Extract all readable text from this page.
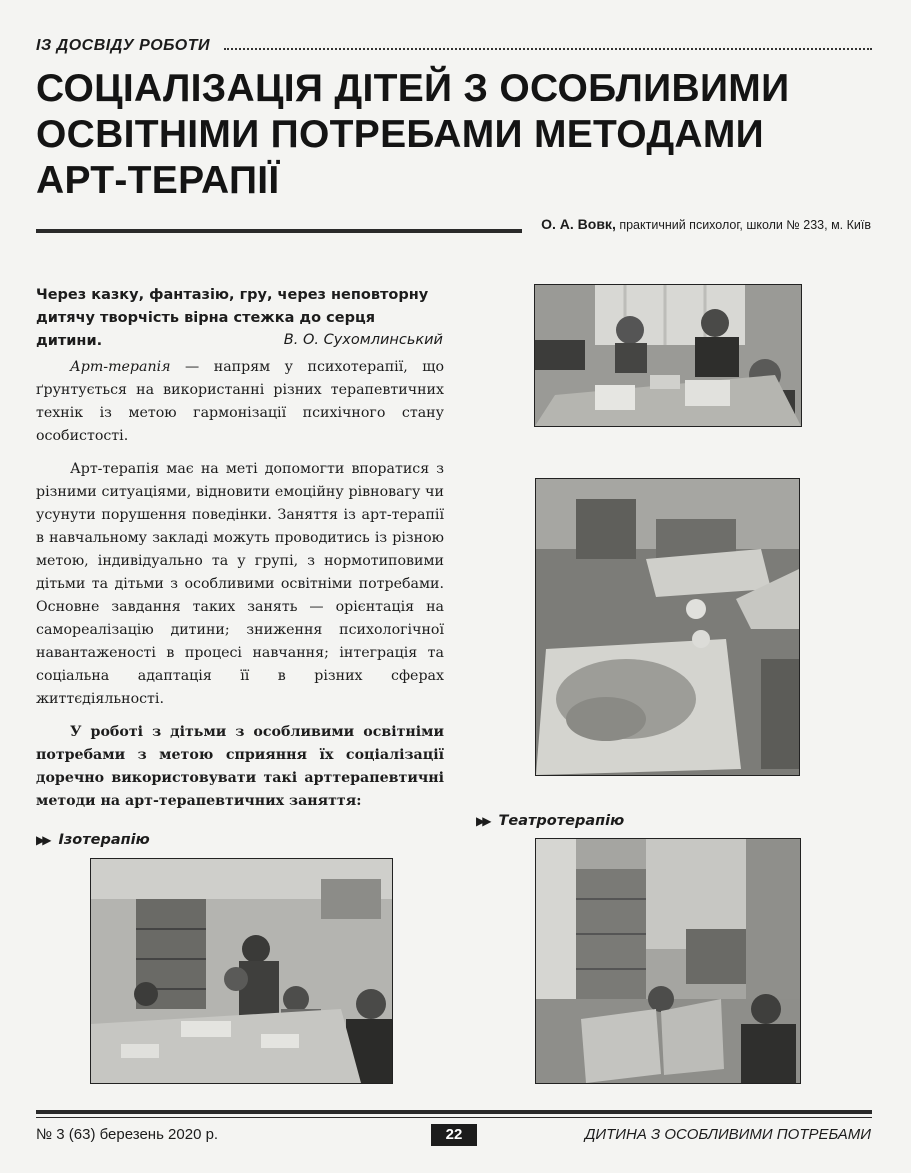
ІЗ ДОСВІДУ РОБОТИ
СОЦІАЛІЗАЦІЯ ДІТЕЙ З ОСОБЛИВИМИ
ОСВІТНІМИ ПОТРЕБАМИ МЕТОДАМИ
АРТ-ТЕРАПІЇ
О. А. Вовк, практичний психолог, школи № 233, м. Київ
Через казку, фантазію, гру, через неповторну дитячу творчість вірна стежка до серця дитини.	В. О. Сухомлинський

Арт-терапія — напрям у психотерапії, що ґрунтується на використанні різних терапевтичних технік із метою гармонізації психічного стану особистості.

Арт-терапія має на меті допомогти впоратися з різними ситуаціями, відновити емоційну рівновагу чи усунути порушення поведінки. Заняття із арт-терапії в навчальному закладі можуть проводитись із різною метою, індивідуально та у групі, з нормотиповими дітьми та дітьми з особливими освітніми потребами. Основне завдання таких занять — орієнтація на самореалізацію дитини; зниження психологічної навантаженості в процесі навчання; інтеграція та соціальна адаптація її в різних сферах життєдіяльності.

У роботі з дітьми з особливими освітніми потребами з метою сприяння їх соціалізації доречно використовувати такі арттерапевтичні методи на арт-терапевтичних заняття:

▶▶ Ізотерапію
▶▶ Театротерапію
№ 3 (63) березень 2020 р.	22	ДИТИНА З ОСОБЛИВИМИ ПОТРЕБАМИ
